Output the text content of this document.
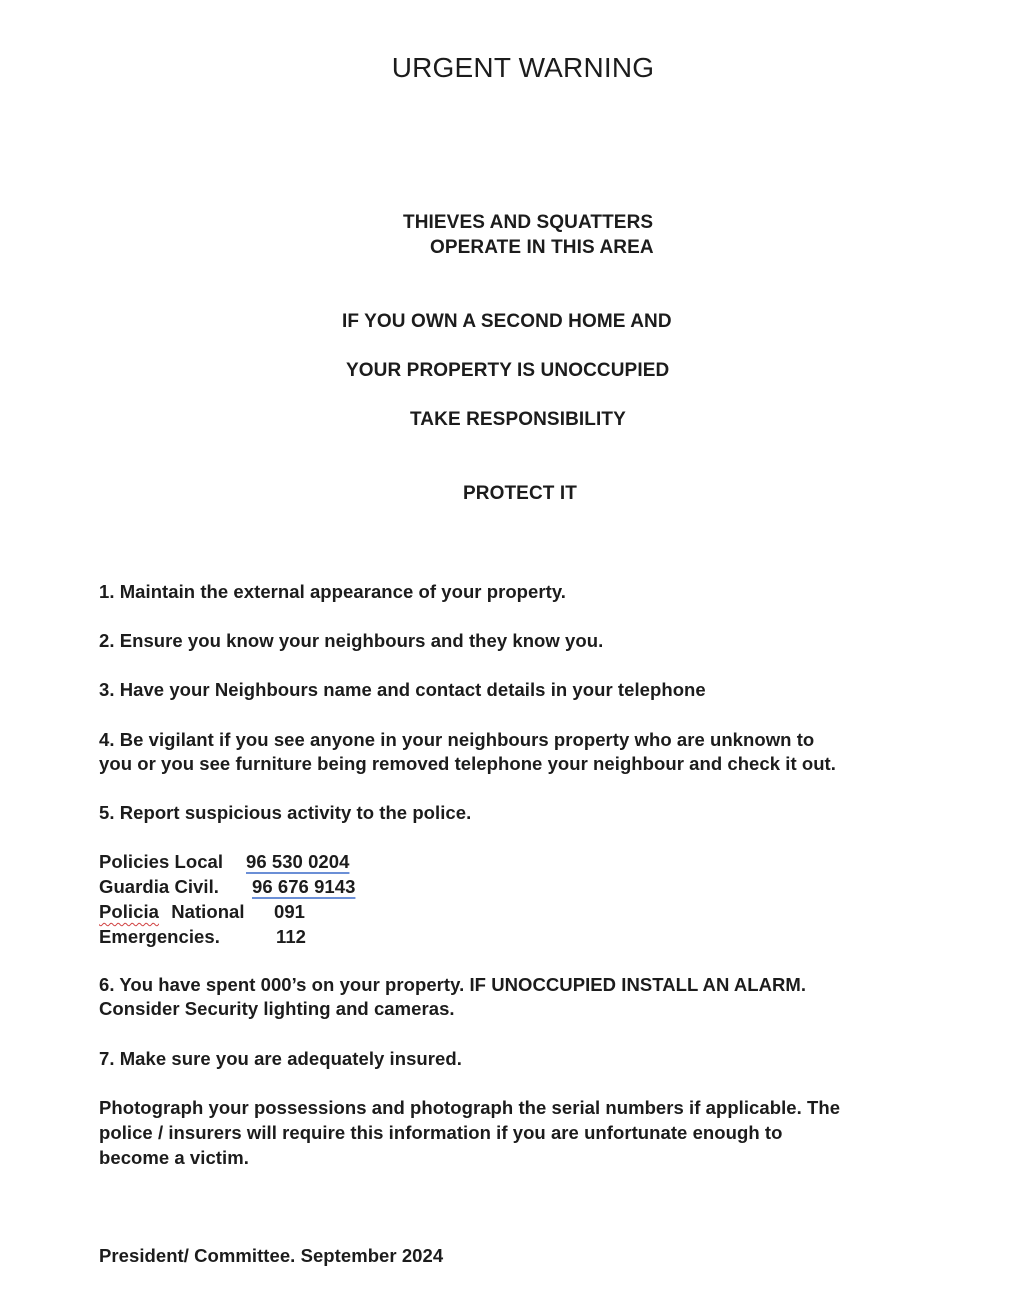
URGENT WARNING
THIEVES AND SQUATTERS
OPERATE IN THIS AREA
IF YOU OWN A SECOND HOME AND
YOUR PROPERTY IS UNOCCUPIED
TAKE RESPONSIBILITY
PROTECT IT
1. Maintain the external appearance of your property.
2. Ensure you know your neighbours and they know you.
3. Have your Neighbours name and contact details in your telephone
4. Be vigilant if you see anyone in your neighbours property who are unknown to
you or you see furniture being removed telephone your neighbour and check it out.
5. Report suspicious activity to the police.
Policies Local 96 530 0204
Guardia Civil. 96 676 9143
Policia National 091
Emergencies.	112
6. You have spent 000’s on your property. IF UNOCCUPIED INSTALL AN ALARM.
Consider Security lighting and cameras.
7. Make sure you are adequately insured.
Photograph your possessions and photograph the serial numbers if applicable. The
police / insurers will require this information if you are unfortunate enough to
become a victim.
President/ Committee. September 2024
